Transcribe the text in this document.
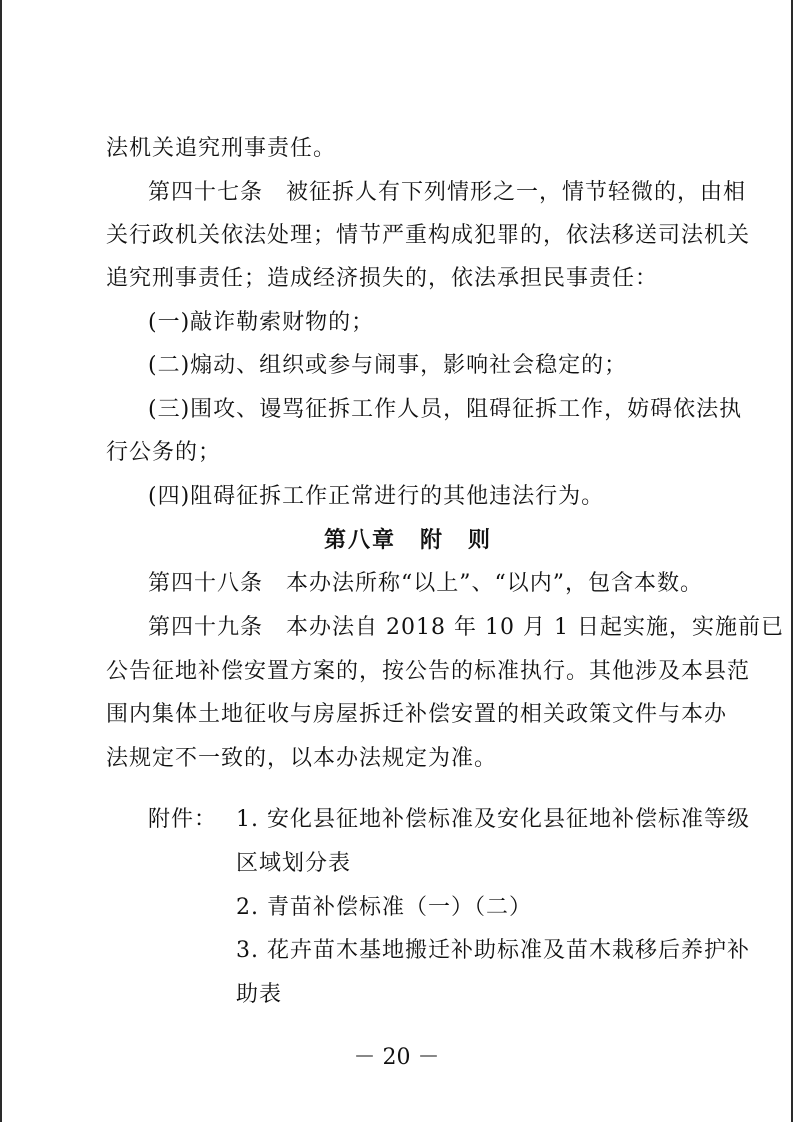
法机关追究刑事责任。
第四十七条　被征拆人有下列情形之一，情节轻微的，由相
关行政机关依法处理；情节严重构成犯罪的，依法移送司法机关
追究刑事责任；造成经济损失的，依法承担民事责任：
(一)敲诈勒索财物的；
(二)煽动、组织或参与闹事，影响社会稳定的；
(三)围攻、谩骂征拆工作人员，阻碍征拆工作，妨碍依法执
行公务的；
(四)阻碍征拆工作正常进行的其他违法行为。
第八章　附　则
第四十八条　本办法所称“以上”、“以内”，包含本数。
第四十九条　本办法自 2018 年 10 月 1 日起实施，实施前已
公告征地补偿安置方案的，按公告的标准执行。其他涉及本县范
围内集体土地征收与房屋拆迁补偿安置的相关政策文件与本办
法规定不一致的，以本办法规定为准。
附件： 1. 安化县征地补偿标准及安化县征地补偿标准等级
区域划分表
2. 青苗补偿标准（一）（二）
3. 花卉苗木基地搬迁补助标准及苗木栽移后养护补
助表
－ 20 －
